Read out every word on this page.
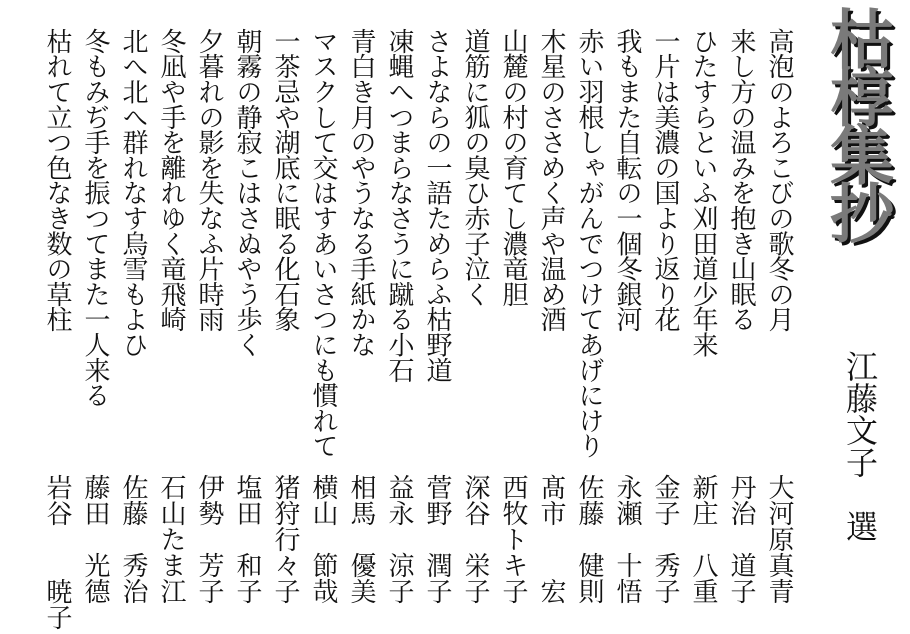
枯椁集抄
江藤文子　選
高泡のよろこびの歌冬の月
大河原真青
来し方の温みを抱き山眠る
丹治　道子
ひたすらといふ刈田道少年来
新庄　八重
一片は美濃の国より返り花
金子　秀子
我もまた自転の一個冬銀河
永瀬　十悟
赤い羽根しゃがんでつけてあげにけり
佐藤　健則
木星のささめく声や温め酒
髙市　　宏
山麓の村の育てし濃竜胆
西牧トキ子
道筋に狐の臭ひ赤子泣く
深谷　栄子
さよならの一語ためらふ枯野道
菅野　潤子
凍蝿へつまらなさうに蹴る小石
益永　涼子
青白き月のやうなる手紙かな
相馬　優美
マスクして交はすあいさつにも慣れて
横山　節哉
一茶忌や湖底に眠る化石象
猪狩行々子
朝霧の静寂こはさぬやう歩く
塩田　和子
夕暮れの影を失なふ片時雨
伊勢　芳子
冬凪や手を離れゆく竜飛崎
石山たま江
北へ北へ群れなす烏雪もよひ
佐藤　秀治
冬もみぢ手を振つてまた一人来る
藤田　光德
枯れて立つ色なき数の草柱
岩谷　　暁子
